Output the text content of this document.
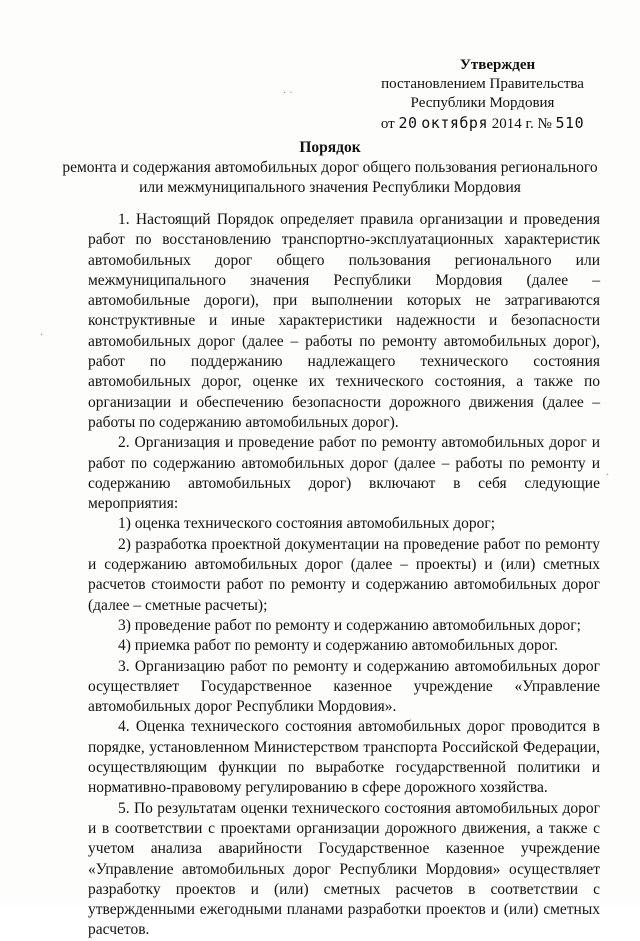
· ·
·
·
Утвержден
постановлением Правительства
Республики Мордовия
от 20 октября 2014 г. № 510
Порядок
ремонта и содержания автомобильных дорог общего пользования регионального или межмуниципального значения Республики Мордовия

1. Настоящий Порядок определяет правила организации и проведения работ по восстановлению транспортно-эксплуатационных характеристик автомобильных дорог общего пользования регионального или межмуниципального значения Республики Мордовия (далее – автомобильные дороги), при выполнении которых не затрагиваются конструктивные и иные характеристики надежности и безопасности автомобильных дорог (далее – работы по ремонту автомобильных дорог), работ по поддержанию надлежащего технического состояния автомобильных дорог, оценке их технического состояния, а также по организации и обеспечению безопасности дорожного движения (далее – работы по содержанию автомобильных дорог).

2. Организация и проведение работ по ремонту автомобильных дорог и работ по содержанию автомобильных дорог (далее – работы по ремонту и содержанию автомобильных дорог) включают в себя следующие мероприятия:

1) оценка технического состояния автомобильных дорог;

2) разработка проектной документации на проведение работ по ремонту и содержанию автомобильных дорог (далее – проекты) и (или) сметных расчетов стоимости работ по ремонту и содержанию автомобильных дорог (далее – сметные расчеты);

3) проведение работ по ремонту и содержанию автомобильных дорог;

4) приемка работ по ремонту и содержанию автомобильных дорог.

3. Организацию работ по ремонту и содержанию автомобильных дорог осуществляет Государственное казенное учреждение «Управление автомобильных дорог Республики Мордовия».

4. Оценка технического состояния автомобильных дорог проводится в порядке, установленном Министерством транспорта Российской Федерации, осуществляющим функции по выработке государственной политики и нормативно-правовому регулированию в сфере дорожного хозяйства.

5. По результатам оценки технического состояния автомобильных дорог и в соответствии с проектами организации дорожного движения, а также с учетом анализа аварийности Государственное казенное учреждение «Управление автомобильных дорог Республики Мордовия» осуществляет разработку проектов и (или) сметных расчетов в соответствии с утвержденными ежегодными планами разработки проектов и (или) сметных расчетов.
